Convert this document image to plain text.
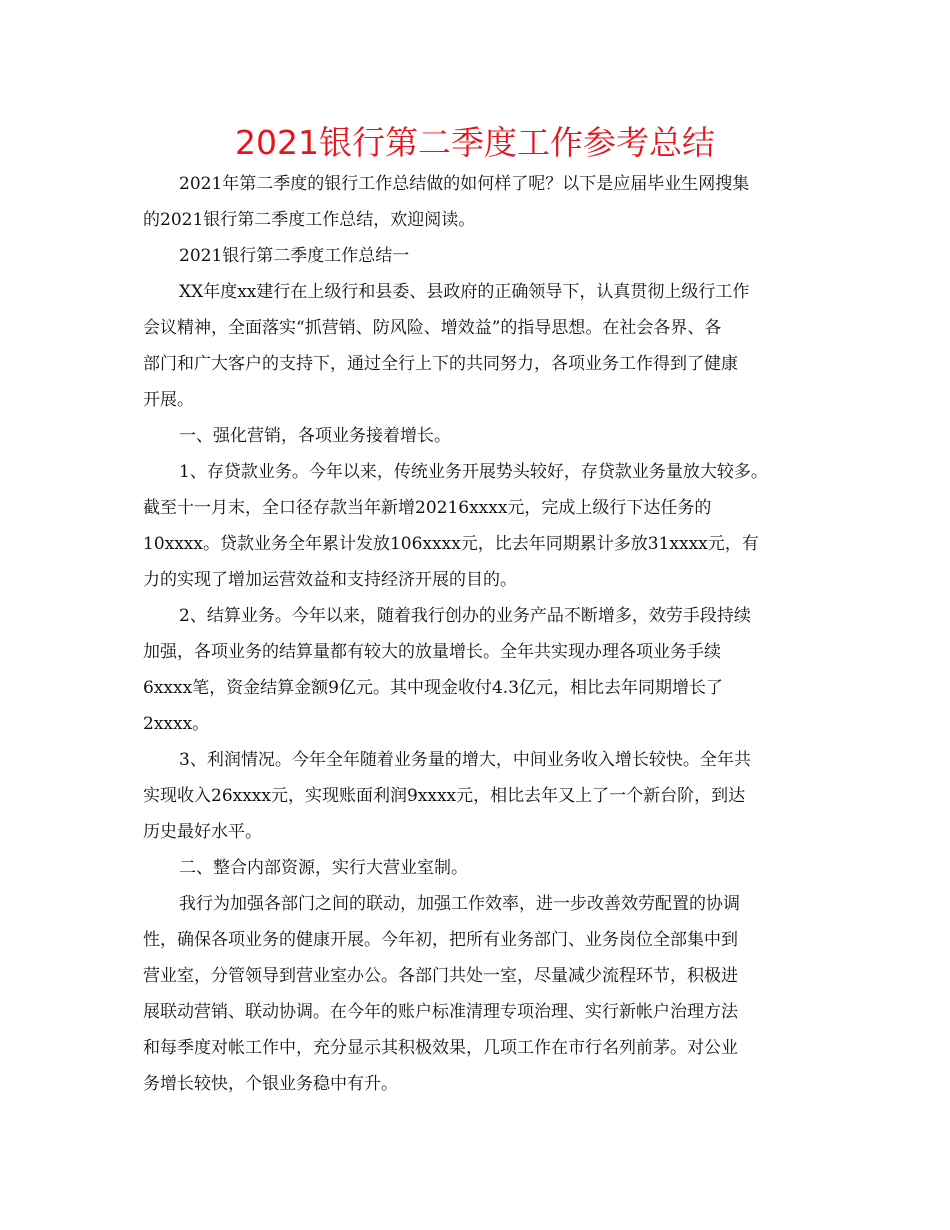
2021银行第二季度工作参考总结
2021年第二季度的银行工作总结做的如何样了呢？以下是应届毕业生网搜集
的2021银行第二季度工作总结，欢迎阅读。
2021银行第二季度工作总结一
XX年度xx建行在上级行和县委、县政府的正确领导下，认真贯彻上级行工作
会议精神，全面落实“抓营销、防风险、增效益”的指导思想。在社会各界、各
部门和广大客户的支持下，通过全行上下的共同努力，各项业务工作得到了健康
开展。
一、强化营销，各项业务接着增长。
1、存贷款业务。今年以来，传统业务开展势头较好，存贷款业务量放大较多。
截至十一月末，全口径存款当年新增20216xxxx元，完成上级行下达任务的
10xxxx。贷款业务全年累计发放106xxxx元，比去年同期累计多放31xxxx元，有
力的实现了增加运营效益和支持经济开展的目的。
2、结算业务。今年以来，随着我行创办的业务产品不断增多，效劳手段持续
加强，各项业务的结算量都有较大的放量增长。全年共实现办理各项业务手续
6xxxx笔，资金结算金额9亿元。其中现金收付4.3亿元，相比去年同期增长了
2xxxx。
3、利润情况。今年全年随着业务量的增大，中间业务收入增长较快。全年共
实现收入26xxxx元，实现账面利润9xxxx元，相比去年又上了一个新台阶，到达
历史最好水平。
二、整合内部资源，实行大营业室制。
我行为加强各部门之间的联动，加强工作效率，进一步改善效劳配置的协调
性，确保各项业务的健康开展。今年初，把所有业务部门、业务岗位全部集中到
营业室，分管领导到营业室办公。各部门共处一室，尽量减少流程环节，积极进
展联动营销、联动协调。在今年的账户标准清理专项治理、实行新帐户治理方法
和每季度对帐工作中，充分显示其积极效果，几项工作在市行名列前茅。对公业
务增长较快，个银业务稳中有升。
